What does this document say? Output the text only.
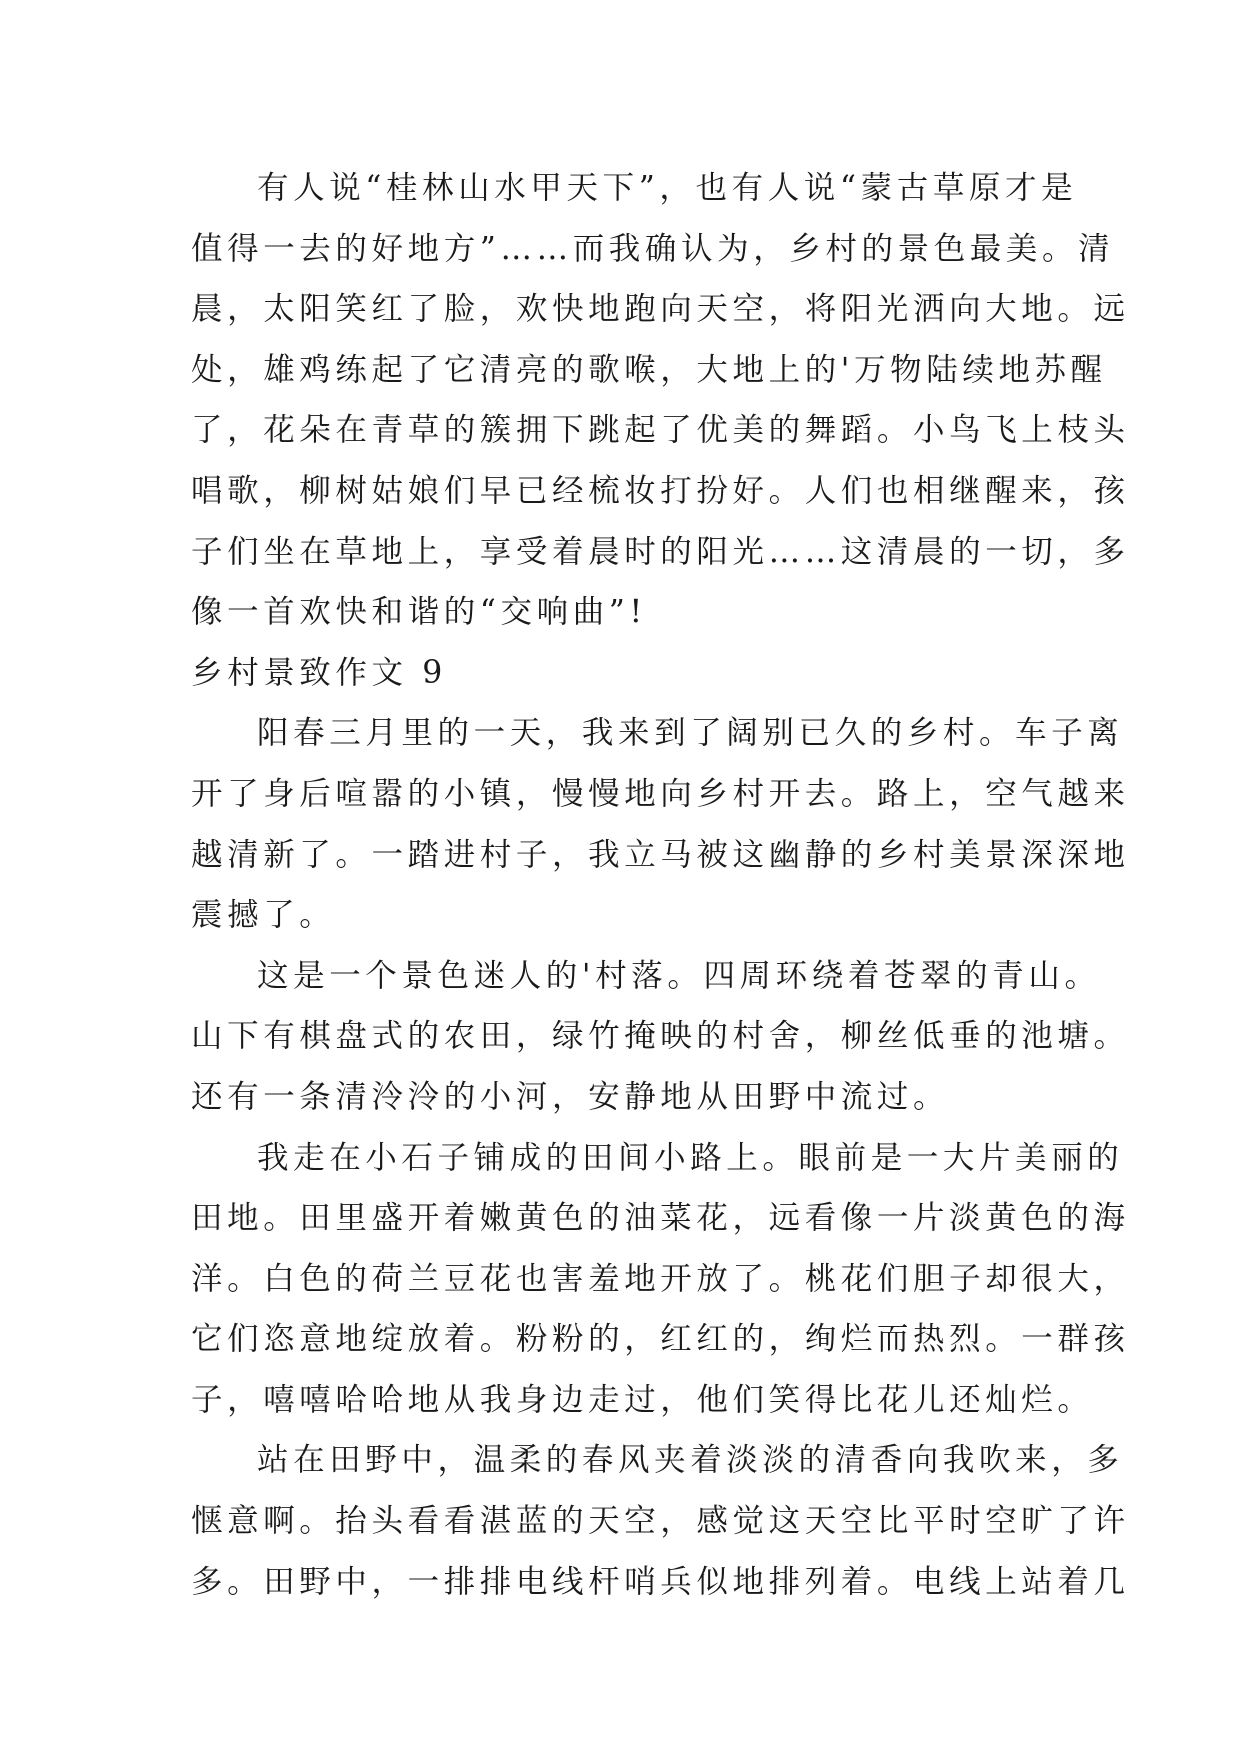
有人说“桂林山水甲天下”，也有人说“蒙古草原才是
值得一去的好地方”……而我确认为，乡村的景色最美。清
晨，太阳笑红了脸，欢快地跑向天空，将阳光洒向大地。远
处，雄鸡练起了它清亮的歌喉，大地上的'万物陆续地苏醒
了，花朵在青草的簇拥下跳起了优美的舞蹈。小鸟飞上枝头
唱歌，柳树姑娘们早已经梳妆打扮好。人们也相继醒来，孩
子们坐在草地上，享受着晨时的阳光……这清晨的一切，多
像一首欢快和谐的“交响曲”!
乡村景致作文 9
阳春三月里的一天，我来到了阔别已久的乡村。车子离
开了身后喧嚣的小镇，慢慢地向乡村开去。路上，空气越来
越清新了。一踏进村子，我立马被这幽静的乡村美景深深地
震撼了。
这是一个景色迷人的'村落。四周环绕着苍翠的青山。
山下有棋盘式的农田，绿竹掩映的村舍，柳丝低垂的池塘。
还有一条清泠泠的小河，安静地从田野中流过。
我走在小石子铺成的田间小路上。眼前是一大片美丽的
田地。田里盛开着嫩黄色的油菜花，远看像一片淡黄色的海
洋。白色的荷兰豆花也害羞地开放了。桃花们胆子却很大，
它们恣意地绽放着。粉粉的，红红的，绚烂而热烈。一群孩
子，嘻嘻哈哈地从我身边走过，他们笑得比花儿还灿烂。
站在田野中，温柔的春风夹着淡淡的清香向我吹来，多
惬意啊。抬头看看湛蓝的天空，感觉这天空比平时空旷了许
多。田野中，一排排电线杆哨兵似地排列着。电线上站着几
